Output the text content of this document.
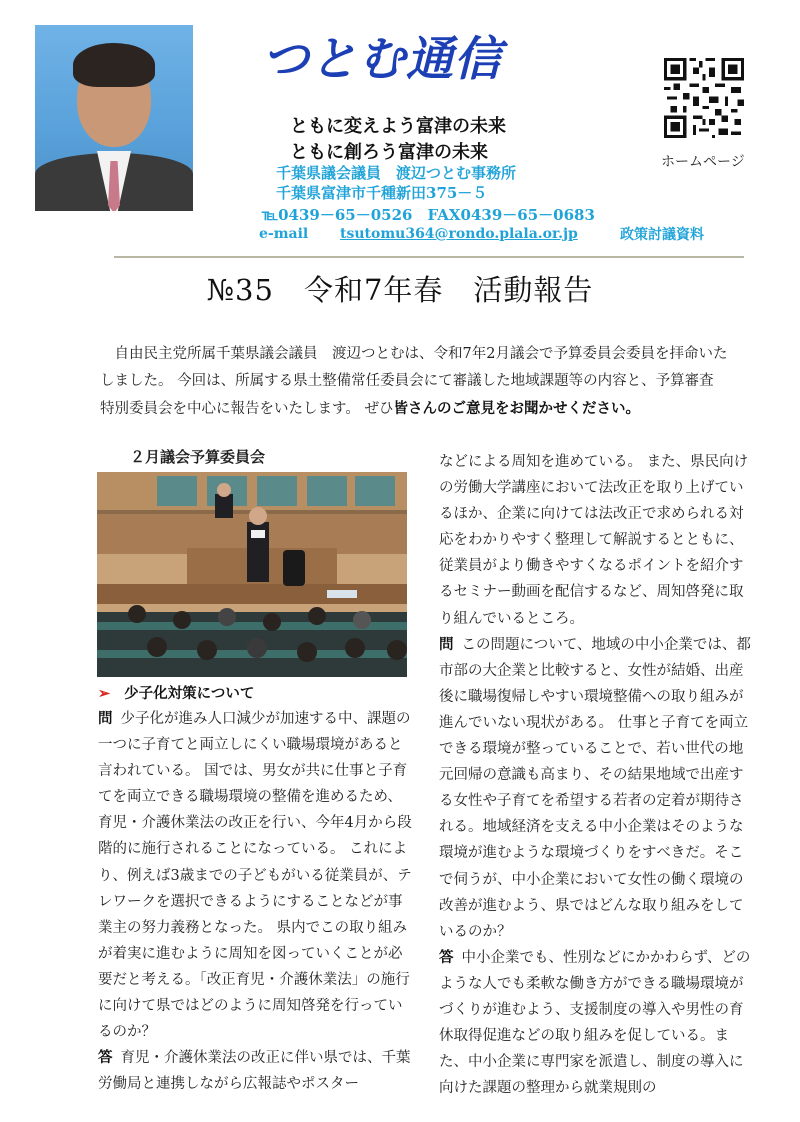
つとむ通信
ともに変えよう富津の未来
ともに創ろう富津の未来
千葉県議会議員　渡辺つとむ事務所
千葉県富津市千種新田375－５
℡0439－65－0526　FAX0439－65－0683
e-mail tsutomu364@rondo.plala.or.jp	政策討議資料
ホームページ
№35　令和7年春　活動報告

自由民主党所属千葉県議会議員　渡辺つとむは、令和7年2月議会で予算委員会委員を拝命いたしました。 今回は、所属する県土整備常任委員会にて審議した地域課題等の内容と、予算審査特別委員会を中心に報告をいたします。 ぜひ皆さんのご意見をお聞かせください。

２月議会予算委員会
➢ 少子化対策について

問 少子化が進み人口減少が加速する中、課題の一つに子育てと両立しにくい職場環境があると言われている。 国では、男女が共に仕事と子育てを両立できる職場環境の整備を進めるため、育児・介護休業法の改正を行い、今年4月から段階的に施行されることになっている。 これにより、例えば3歳までの子どもがいる従業員が、テレワークを選択できるようにすることなどが事業主の努力義務となった。 県内でこの取り組みが着実に進むように周知を図っていくことが必要だと考える。「改正育児・介護休業法」の施行に向けて県ではどのように周知啓発を行っているのか？

答 育児・介護休業法の改正に伴い県では、千葉労働局と連携しながら広報誌やポスター

などによる周知を進めている。 また、県民向けの労働大学講座において法改正を取り上げているほか、企業に向けては法改正で求められる対応をわかりやすく整理して解説するとともに、従業員がより働きやすくなるポイントを紹介するセミナー動画を配信するなど、周知啓発に取り組んでいるところ。

問 この問題について、地域の中小企業では、都市部の大企業と比較すると、女性が結婚、出産後に職場復帰しやすい環境整備への取り組みが進んでいない現状がある。 仕事と子育てを両立できる環境が整っていることで、若い世代の地元回帰の意識も高まり、その結果地域で出産する女性や子育てを希望する若者の定着が期待される。地域経済を支える中小企業はそのような環境が進むような環境づくりをすべきだ。そこで伺うが、中小企業において女性の働く環境の改善が進むよう、県ではどんな取り組みをしているのか？

答 中小企業でも、性別などにかかわらず、どのような人でも柔軟な働き方ができる職場環境がづくりが進むよう、支援制度の導入や男性の育休取得促進などの取り組みを促している。また、中小企業に専門家を派遣し、制度の導入に向けた課題の整理から就業規則の
